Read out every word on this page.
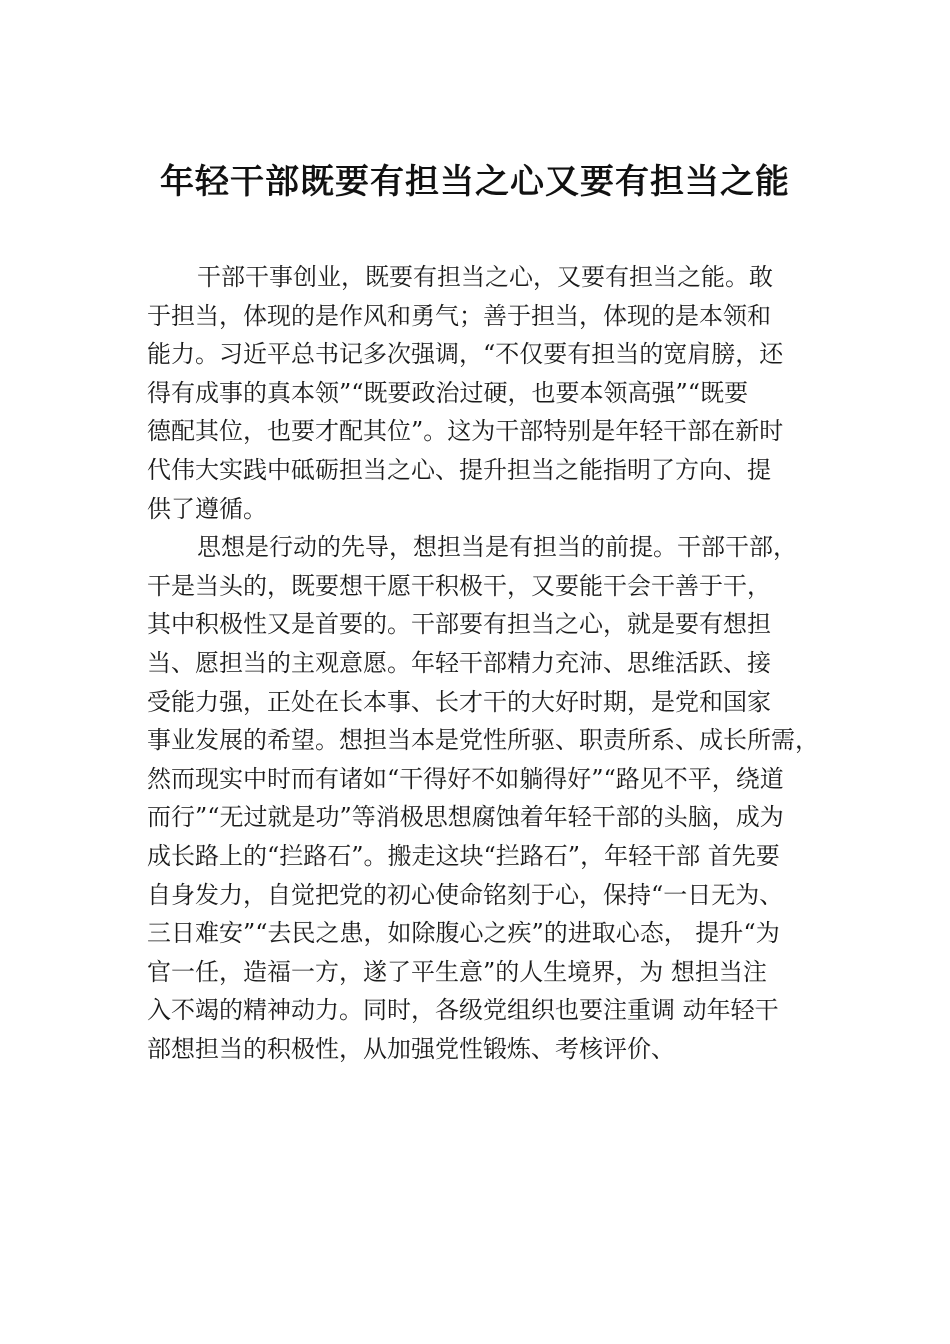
年轻干部既要有担当之心又要有担当之能
干部干事创业，既要有担当之心，又要有担当之能。敢
于担当，体现的是作风和勇气；善于担当，体现的是本领和
能力。习近平总书记多次强调，“不仅要有担当的宽肩膀，还
得有成事的真本领”“既要政治过硬，也要本领高强”“既要
德配其位，也要才配其位”。这为干部特别是年轻干部在新时
代伟大实践中砥砺担当之心、提升担当之能指明了方向、提
供了遵循。
思想是行动的先导，想担当是有担当的前提。干部干部，
干是当头的，既要想干愿干积极干，又要能干会干善于干，
其中积极性又是首要的。干部要有担当之心，就是要有想担
当、愿担当的主观意愿。年轻干部精力充沛、思维活跃、接
受能力强，正处在长本事、长才干的大好时期，是党和国家
事业发展的希望。想担当本是党性所驱、职责所系、成长所需，
然而现实中时而有诸如“干得好不如躺得好”“路见不平，绕道
而行”“无过就是功”等消极思想腐蚀着年轻干部的头脑，成为
成长路上的“拦路石”。搬走这块“拦路石”，年轻干部 首先要
自身发力，自觉把党的初心使命铭刻于心，保持“一日无为、
三日难安”“去民之患，如除腹心之疾”的进取心态， 提升“为
官一任，造福一方，遂了平生意”的人生境界，为 想担当注
入不竭的精神动力。同时，各级党组织也要注重调 动年轻干
部想担当的积极性，从加强党性锻炼、考核评价、
